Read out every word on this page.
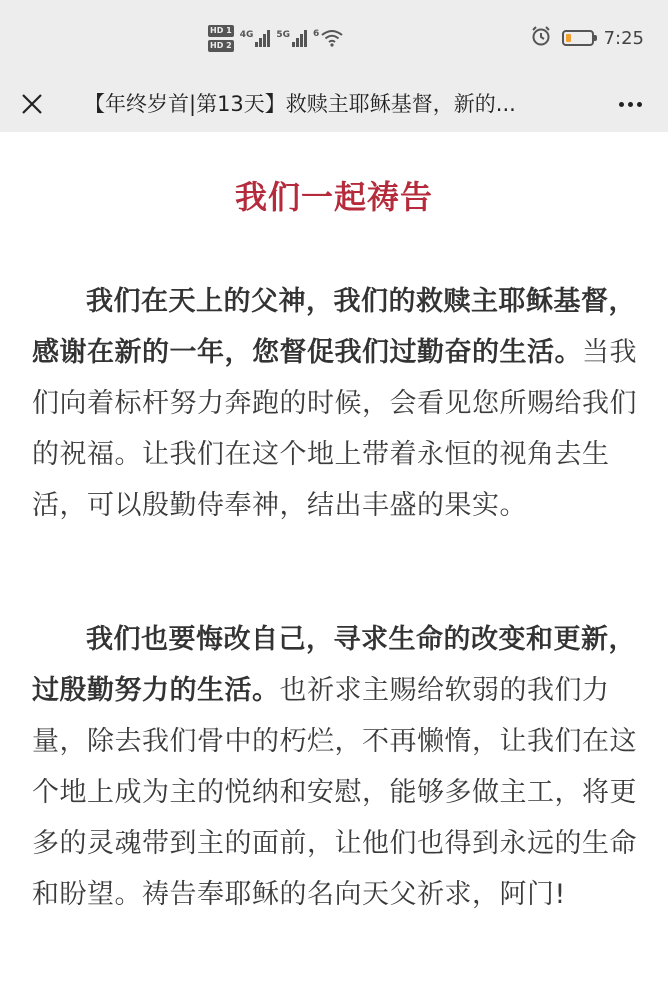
HD 1
HD 2
4G	5G	6	7:25
【年终岁首|第13天】救赎主耶稣基督，新的...
我们一起祷告

我们在天上的父神，我们的救赎主耶稣基督，感谢在新的一年，您督促我们过勤奋的生活。当我们向着标杆努力奔跑的时候，会看见您所赐给我们的祝福。让我们在这个地上带着永恒的视角去生活，可以殷勤侍奉神，结出丰盛的果实。

我们也要悔改自己，寻求生命的改变和更新，过殷勤努力的生活。也祈求主赐给软弱的我们力量，除去我们骨中的朽烂，不再懒惰，让我们在这个地上成为主的悦纳和安慰，能够多做主工，将更多的灵魂带到主的面前，让他们也得到永远的生命和盼望。祷告奉耶稣的名向天父祈求，阿门!
